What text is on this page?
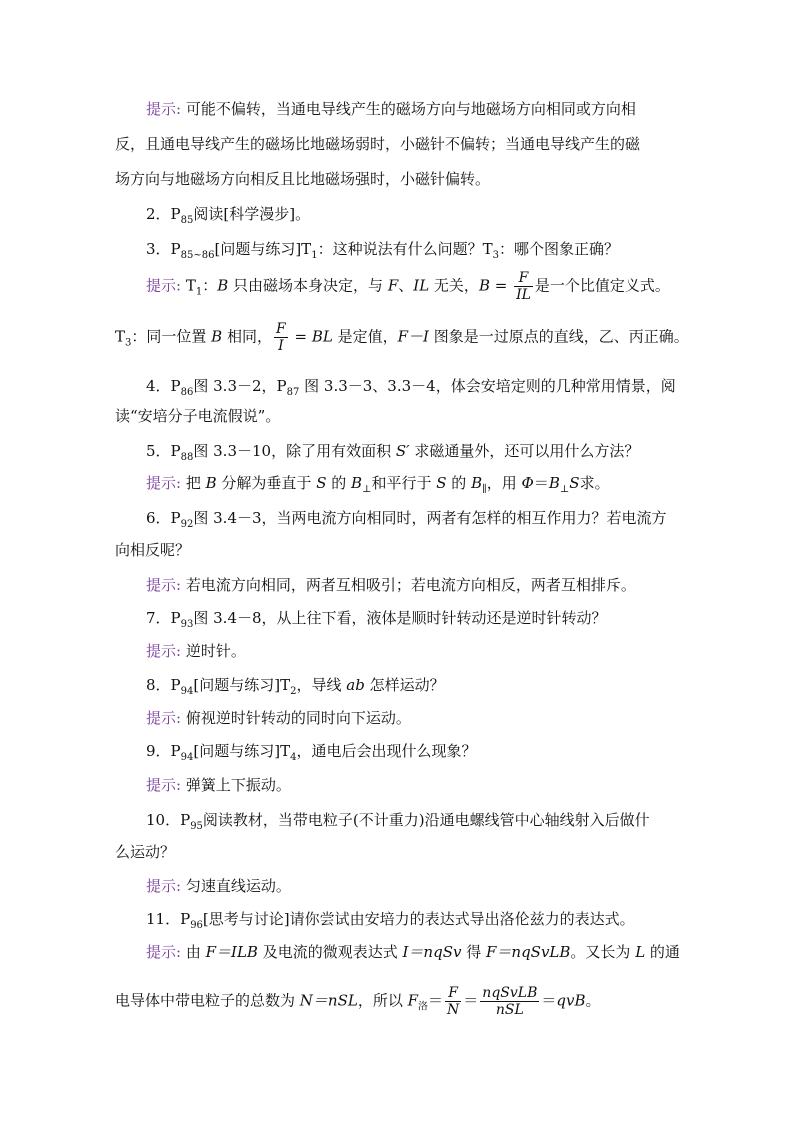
提示: 可能不偏转，当通电导线产生的磁场方向与地磁场方向相同或方向相
反，且通电导线产生的磁场比地磁场弱时，小磁针不偏转；当通电导线产生的磁
场方向与地磁场方向相反且比地磁场强时，小磁针偏转。
2．$P_{85}$阅读[科学漫步]。
3．$P_{85\sim 86}$[问题与练习]$T_1$：这种说法有什么问题？$T_3$：哪个图象正确？
提示: $T_1$：B 只由磁场本身决定，与 F、IL 无关，$B = \frac{F}{IL}$ 是一个比值定义式。
$T_3$：同一位置 B 相同， $\frac{F}{I}$ = BL 是定值，F－I 图象是一过原点的直线，乙、丙正确。
4．$P_{86}$图 3.3－2，$P_{87}$ 图 3.3－3、3.3－4，体会安培定则的几种常用情景，阅
读“安培分子电流假说”。
5．$P_{88}$图 3.3－10，除了用有效面积 S′ 求磁通量外，还可以用什么方法？
提示: 把 B 分解为垂直于 S 的 $B_\perp$和平行于 S 的 $B_\parallel$，用 $\Phi=B_\perp S$求。
6．$P_{92}$图 3.4－3，当两电流方向相同时，两者有怎样的相互作用力？若电流方
向相反呢？
提示: 若电流方向相同，两者互相吸引；若电流方向相反，两者互相排斥。
7．$P_{93}$图 3.4－8，从上往下看，液体是顺时针转动还是逆时针转动？
提示: 逆时针。
8．$P_{94}$[问题与练习]$T_2$，导线 ab 怎样运动？
提示: 俯视逆时针转动的同时向下运动。
9．$P_{94}$[问题与练习]$T_4$，通电后会出现什么现象？
提示: 弹簧上下振动。
10．$P_{95}$阅读教材，当带电粒子(不计重力)沿通电螺线管中心轴线射入后做什
么运动？
提示: 匀速直线运动。
11．$P_{96}$[思考与讨论]请你尝试由安培力的表达式导出洛伦兹力的表达式。
提示: 由 F＝ILB 及电流的微观表达式 I＝nqSv 得 F＝nqSvLB。又长为 L 的通
电导体中带电粒子的总数为 N＝nSL，所以 $F_洛= \frac{F}{N} = \frac{\text{nqSvLB}}{\text{nSL}} =qvB$。
